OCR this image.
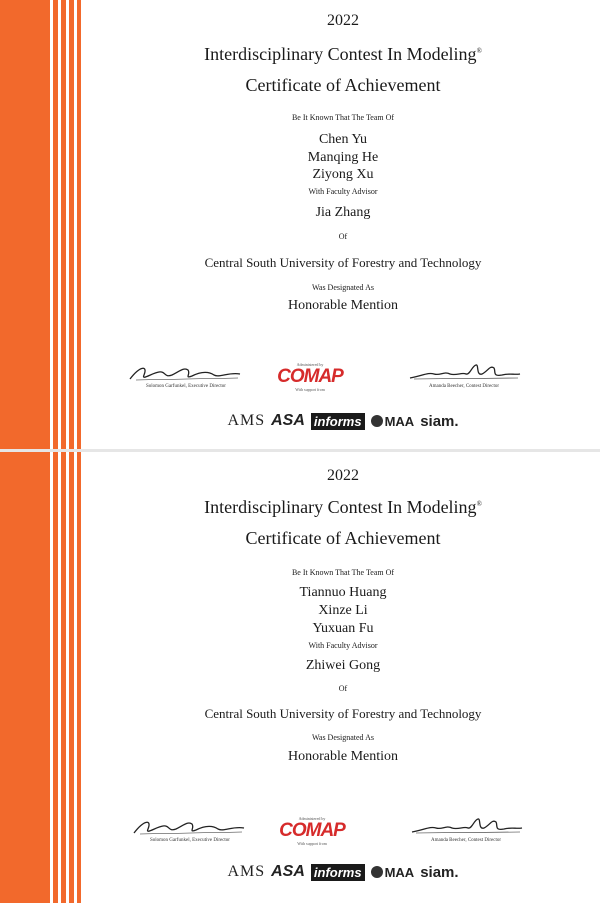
2022
Interdisciplinary Contest In Modeling®
Certificate of Achievement
Be It Known That The Team Of
Chen Yu
Manqing He
Ziyong Xu
With Faculty Advisor
Jia Zhang
Of
Central South University of Forestry and Technology
Was Designated As
Honorable Mention
Solomon Garfunkel, Executive Director
Administered by
COMAP
With support from
Amanda Beecher, Contest Director
AMS ASA informs MAA siam.
2022
Interdisciplinary Contest In Modeling®
Certificate of Achievement
Be It Known That The Team Of
Tiannuo Huang
Xinze Li
Yuxuan Fu
With Faculty Advisor
Zhiwei Gong
Of
Central South University of Forestry and Technology
Was Designated As
Honorable Mention
Solomon Garfunkel, Executive Director
Administered by
COMAP
With support from
Amanda Beecher, Contest Director
AMS ASA informs MAA siam.
